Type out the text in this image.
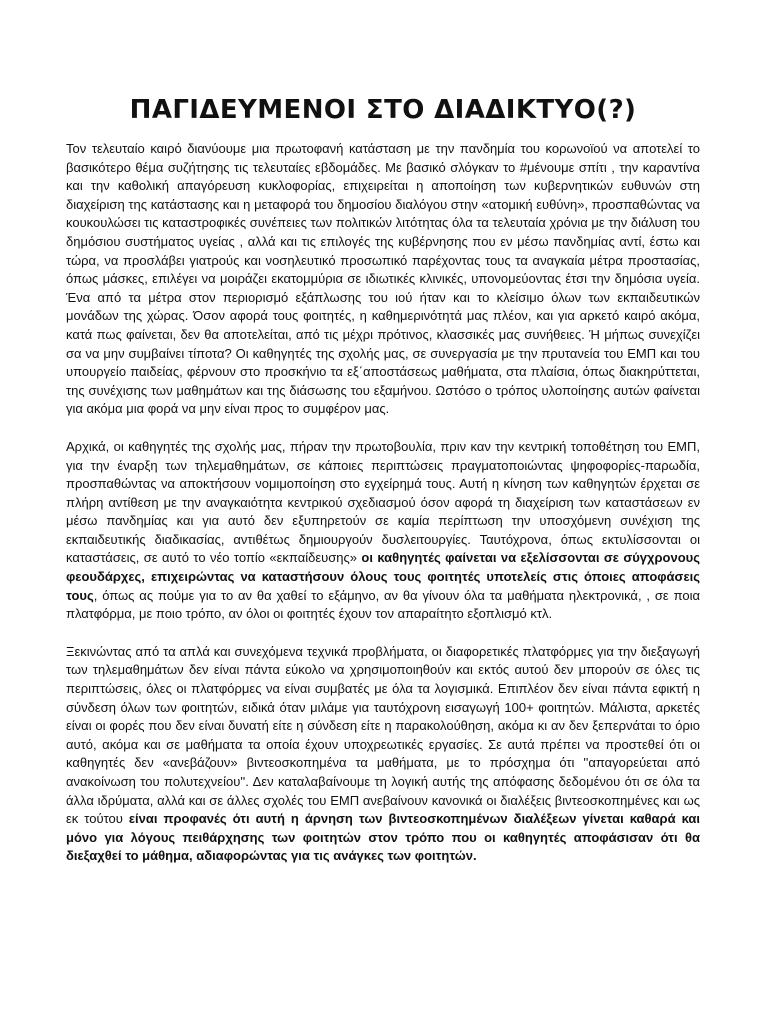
ΠΑΓΙΔΕΥΜΕΝΟΙ ΣΤΟ ΔΙΑΔΙΚΤΥΟ(?)

Τον τελευταίο καιρό διανύουμε μια πρωτοφανή κατάσταση με την πανδημία του κορωνοϊού να αποτελεί το βασικότερο θέμα συζήτησης τις τελευταίες εβδομάδες. Με βασικό σλόγκαν το #μένουμε σπίτι , την καραντίνα και την καθολική απαγόρευση κυκλοφορίας, επιχειρείται η αποποίηση των κυβερνητικών ευθυνών στη διαχείριση της κατάστασης και η μεταφορά του δημοσίου διαλόγου στην «ατομική ευθύνη», προσπαθώντας να κουκουλώσει τις καταστροφικές συνέπειες των πολιτικών λιτότητας όλα τα τελευταία χρόνια με την διάλυση του δημόσιου συστήματος υγείας , αλλά και τις επιλογές της κυβέρνησης που εν μέσω πανδημίας αντί, έστω και τώρα, να προσλάβει γιατρούς και νοσηλευτικό προσωπικό παρέχοντας τους τα αναγκαία μέτρα προστασίας, όπως μάσκες, επιλέγει να μοιράζει εκατομμύρια σε ιδιωτικές κλινικές, υπονομεύοντας έτσι την δημόσια υγεία. Ένα από τα μέτρα στον περιορισμό εξάπλωσης του ιού ήταν και το κλείσιμο όλων των εκπαιδευτικών μονάδων της χώρας. Όσον αφορά τους φοιτητές, η καθημερινότητά μας πλέον, και για αρκετό καιρό ακόμα, κατά πως φαίνεται, δεν θα αποτελείται, από τις μέχρι πρότινος, κλασσικές μας συνήθειες. Ή μήπως συνεχίζει σα να μην συμβαίνει τίποτα? Οι καθηγητές της σχολής μας, σε συνεργασία με την πρυτανεία του ΕΜΠ και του υπουργείο παιδείας, φέρνουν στο προσκήνιο τα εξ΄αποστάσεως μαθήματα, στα πλαίσια, όπως διακηρύττεται, της συνέχισης των μαθημάτων και της διάσωσης του εξαμήνου. Ωστόσο ο τρόπος υλοποίησης αυτών φαίνεται για ακόμα μια φορά να μην είναι προς το συμφέρον μας.

Αρχικά, οι καθηγητές της σχολής μας, πήραν την πρωτοβουλία, πριν καν την κεντρική τοποθέτηση του ΕΜΠ, για την έναρξη των τηλεμαθημάτων, σε κάποιες περιπτώσεις πραγματοποιώντας ψηφοφορίες-παρωδία, προσπαθώντας να αποκτήσουν νομιμοποίηση στο εγχείρημά τους. Αυτή η κίνηση των καθηγητών έρχεται σε πλήρη αντίθεση με την αναγκαιότητα κεντρικού σχεδιασμού όσον αφορά τη διαχείριση των καταστάσεων εν μέσω πανδημίας και για αυτό δεν εξυπηρετούν σε καμία περίπτωση την υποσχόμενη συνέχιση της εκπαιδευτικής διαδικασίας, αντιθέτως δημιουργούν δυσλειτουργίες. Ταυτόχρονα, όπως εκτυλίσσονται οι καταστάσεις, σε αυτό το νέο τοπίο «εκπαίδευσης» οι καθηγητές φαίνεται να εξελίσσονται σε σύγχρονους φεουδάρχες, επιχειρώντας να καταστήσουν όλους τους φοιτητές υποτελείς στις όποιες αποφάσεις τους, όπως ας πούμε για το αν θα χαθεί το εξάμηνο, αν θα γίνουν όλα τα μαθήματα ηλεκτρονικά, , σε ποια πλατφόρμα, με ποιο τρόπο, αν όλοι οι φοιτητές έχουν τον απαραίτητο εξοπλισμό κτλ.

Ξεκινώντας από τα απλά και συνεχόμενα τεχνικά προβλήματα, οι διαφορετικές πλατφόρμες για την διεξαγωγή των τηλεμαθημάτων δεν είναι πάντα εύκολο να χρησιμοποιηθούν και εκτός αυτού δεν μπορούν σε όλες τις περιπτώσεις, όλες οι πλατφόρμες να είναι συμβατές με όλα τα λογισμικά. Επιπλέον δεν είναι πάντα εφικτή η σύνδεση όλων των φοιτητών, ειδικά όταν μιλάμε για ταυτόχρονη εισαγωγή 100+ φοιτητών. Μάλιστα, αρκετές είναι οι φορές που δεν είναι δυνατή είτε η σύνδεση είτε η παρακολούθηση, ακόμα κι αν δεν ξεπερνάται το όριο αυτό, ακόμα και σε μαθήματα τα οποία έχουν υποχρεωτικές εργασίες. Σε αυτά πρέπει να προστεθεί ότι οι καθηγητές δεν «ανεβάζουν» βιντεοσκοπημένα τα μαθήματα, με το πρόσχημα ότι ''απαγορεύεται από ανακοίνωση του πολυτεχνείου''. Δεν καταλαβαίνουμε τη λογική αυτής της απόφασης δεδομένου ότι σε όλα τα άλλα ιδρύματα, αλλά και σε άλλες σχολές του ΕΜΠ ανεβαίνουν κανονικά οι διαλέξεις βιντεοσκοπημένες και ως εκ τούτου είναι προφανές ότι αυτή η άρνηση των βιντεοσκοπημένων διαλέξεων γίνεται καθαρά και μόνο για λόγους πειθάρχησης των φοιτητών στον τρόπο που οι καθηγητές αποφάσισαν ότι θα διεξαχθεί το μάθημα, αδιαφορώντας για τις ανάγκες των φοιτητών.
